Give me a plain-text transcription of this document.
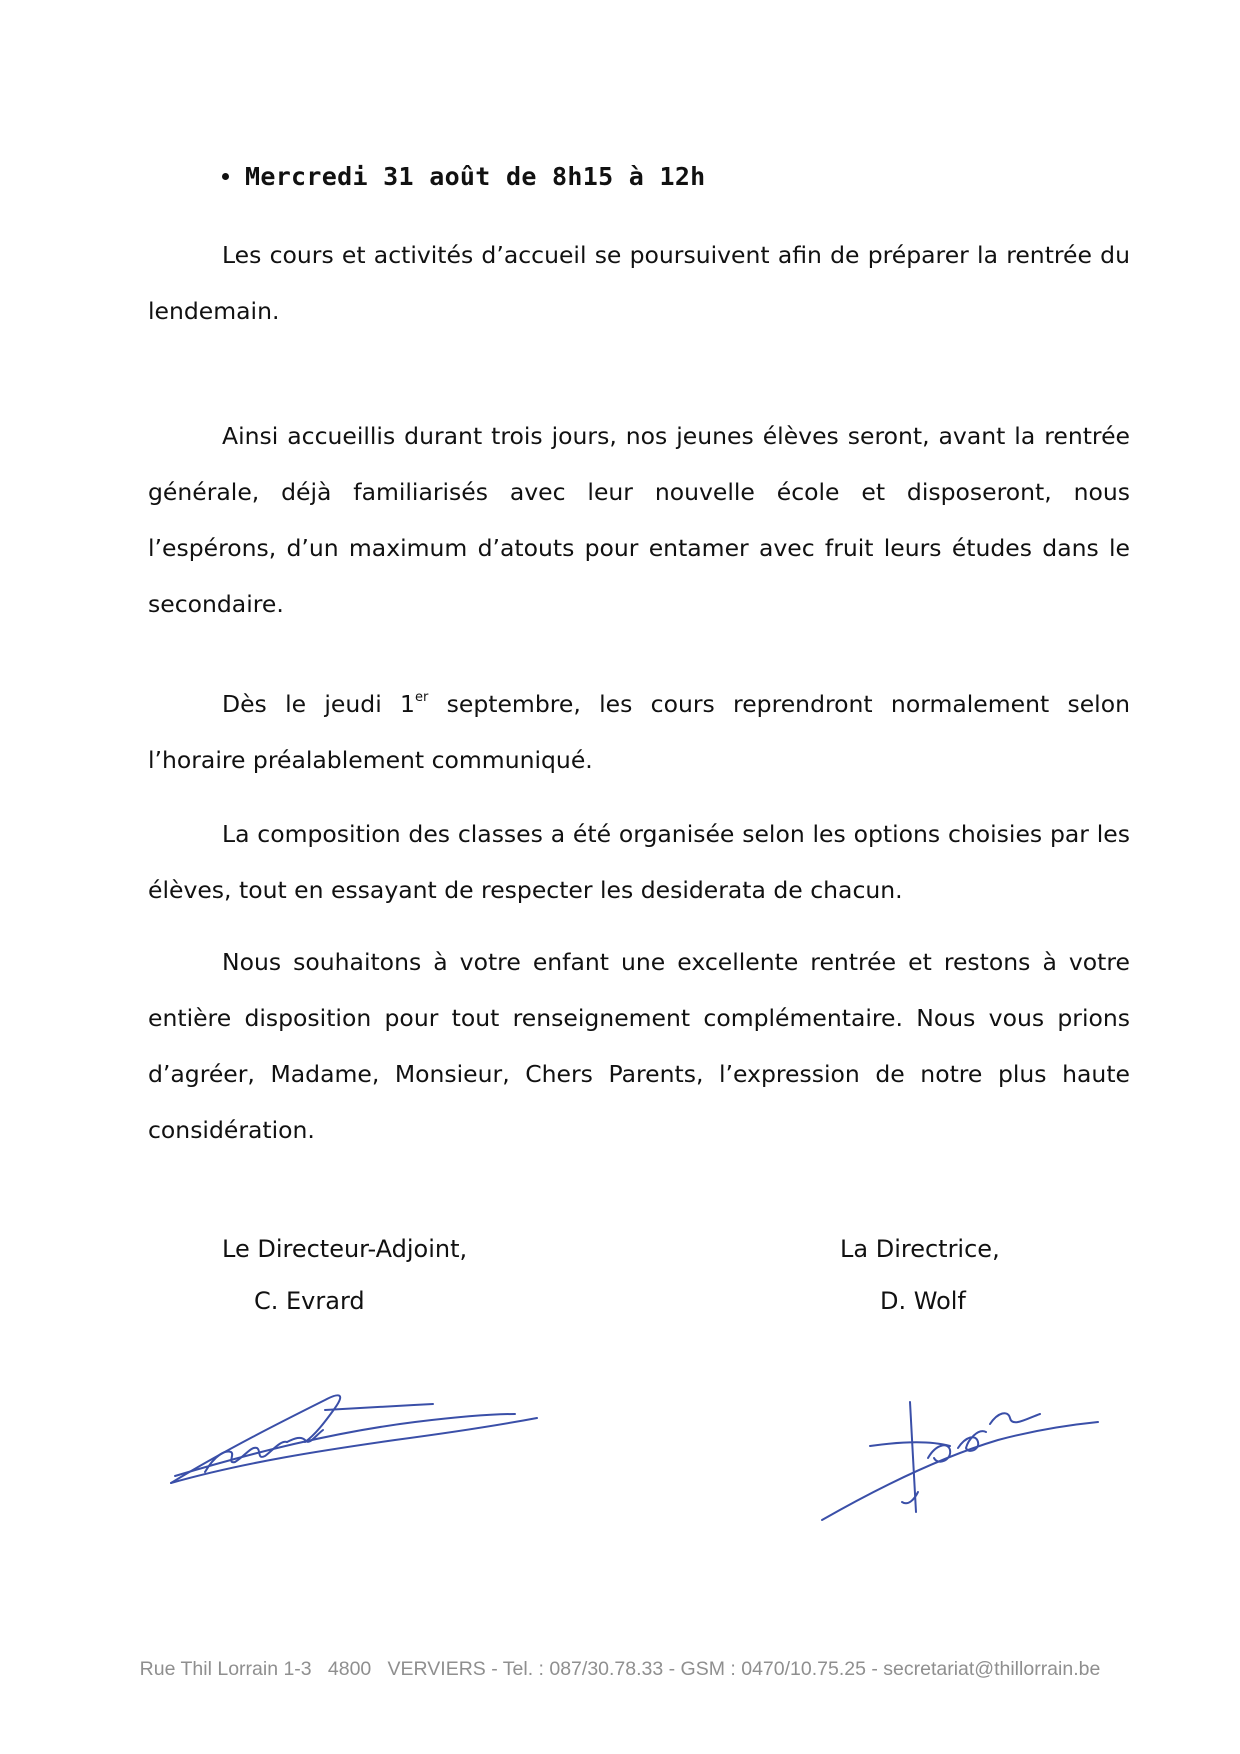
Mercredi 31 août de 8h15 à 12h

Les cours et activités d’accueil se poursuivent afin de préparer la rentrée du lendemain.

Ainsi accueillis durant trois jours, nos jeunes élèves seront, avant la rentrée générale, déjà familiarisés avec leur nouvelle école et disposeront, nous l’espérons, d’un maximum d’atouts pour entamer avec fruit leurs études dans le secondaire.

Dès le jeudi 1er septembre, les cours reprendront normalement selon l’horaire préalablement communiqué.

La composition des classes a été organisée selon les options choisies par les élèves, tout en essayant de respecter les desiderata de chacun.

Nous souhaitons à votre enfant une excellente rentrée et restons à votre entière disposition pour tout renseignement complémentaire. Nous vous prions d’agréer, Madame, Monsieur, Chers Parents, l’expression de notre plus haute considération.

Le Directeur-Adjoint,
C. Evrard
La Directrice,
D. Wolf
Rue Thil Lorrain 1-3   4800   VERVIERS - Tel. : 087/30.78.33 - GSM : 0470/10.75.25 - secretariat@thillorrain.be
